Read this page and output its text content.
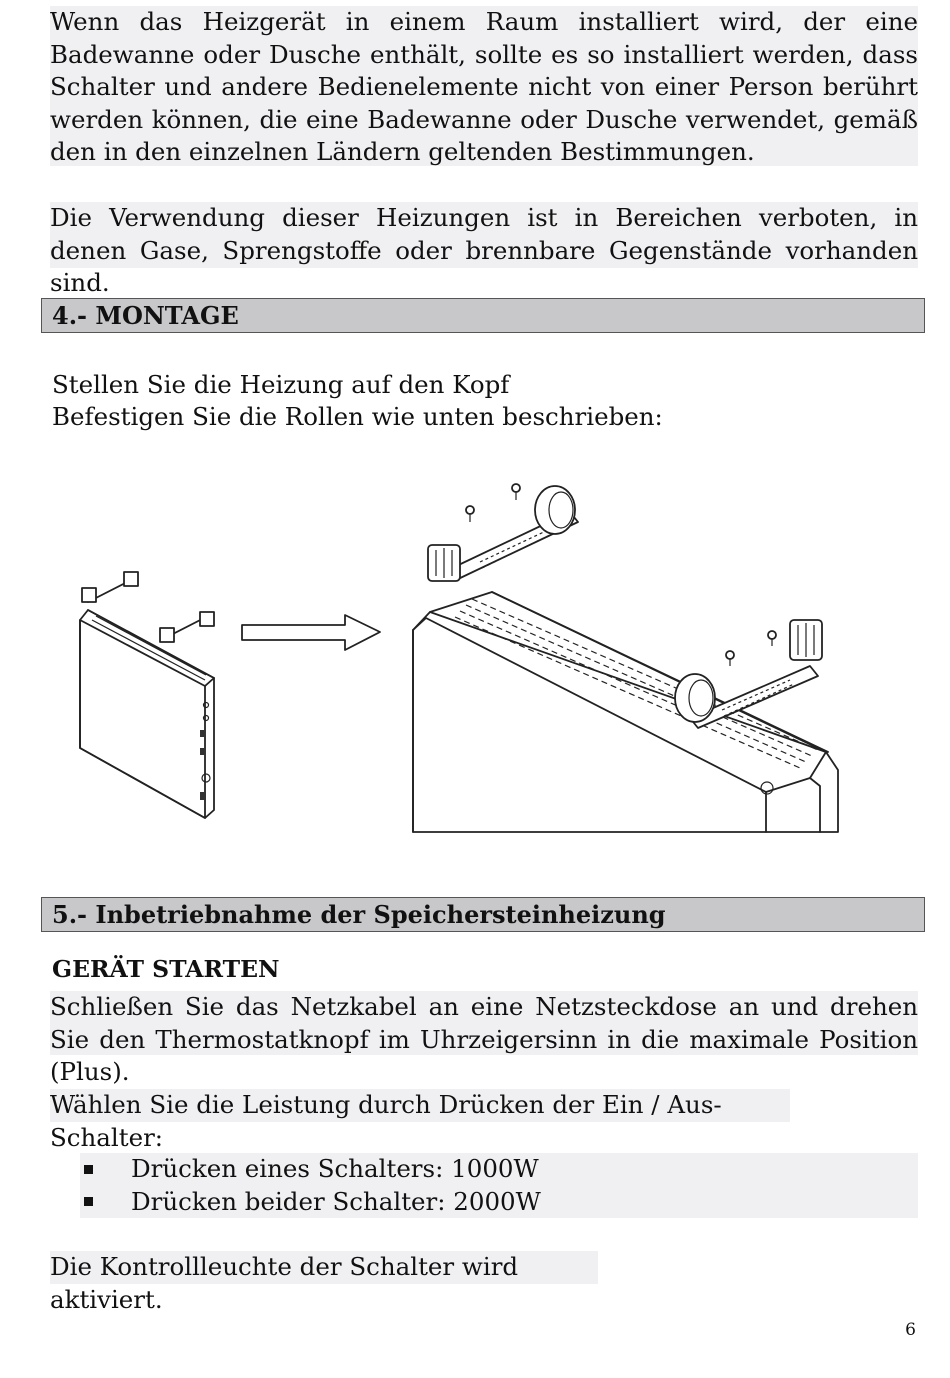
Wenn das Heizgerät in einem Raum installiert wird, der eine Badewanne oder Dusche enthält, sollte es so installiert werden, dass Schalter und andere Bedienelemente nicht von einer Person berührt werden können, die eine Badewanne oder Dusche verwendet, gemäß den in den einzelnen Ländern geltenden Bestimmungen.
Die Verwendung dieser Heizungen ist in Bereichen verboten, in denen Gase, Sprengstoffe oder brennbare Gegenstände vorhanden sind.
4.- MONTAGE
Stellen Sie die Heizung auf den Kopf
Befestigen Sie die Rollen wie unten beschrieben:
5.- Inbetriebnahme der Speichersteinheizung
GERÄT STARTEN
Schließen Sie das Netzkabel an eine Netzsteckdose an und drehen Sie den Thermostatknopf im Uhrzeigersinn in die maximale Position (Plus).
Wählen Sie die Leistung durch Drücken der Ein / Aus-Schalter:
Drücken eines Schalters: 1000W
Drücken beider Schalter: 2000W
Die Kontrollleuchte der Schalter wird aktiviert.
6
